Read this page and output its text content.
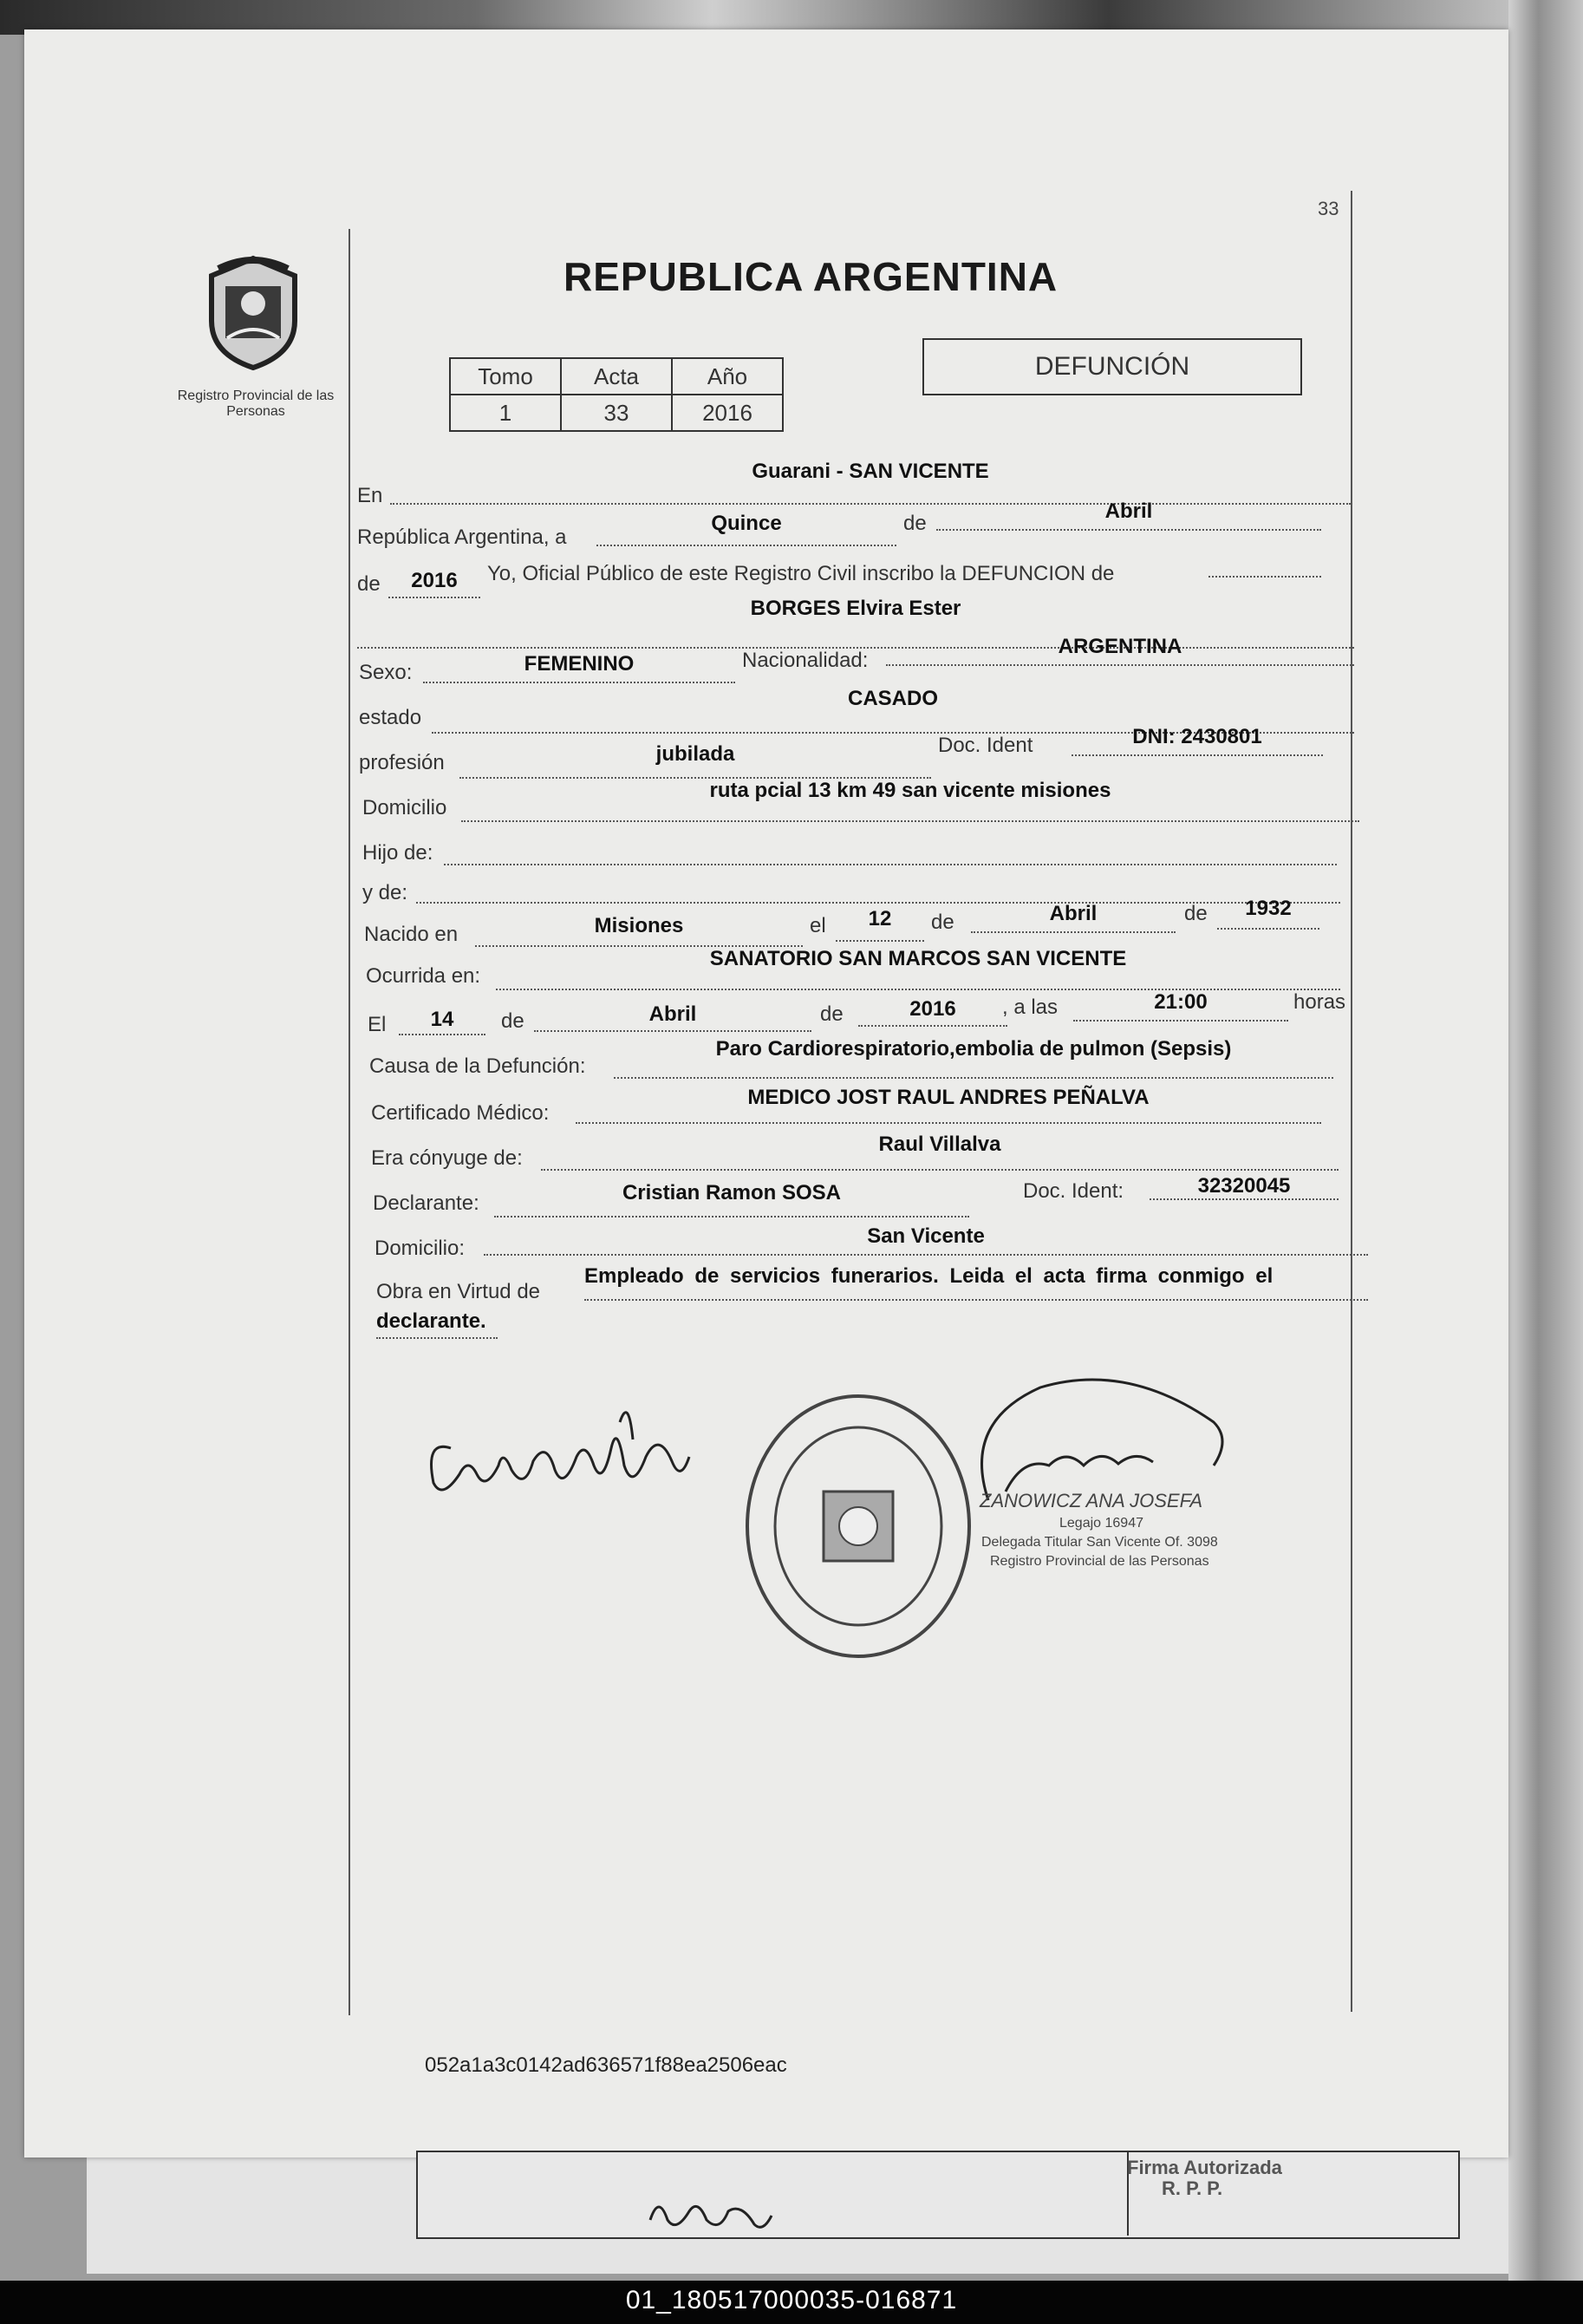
33
Registro Provincial de las Personas
REPUBLICA ARGENTINA
Tomo	Acta	Año
1	33	2016
DEFUNCIÓN
En
Guarani - SAN VICENTE
República Argentina, a
Quince	de
Abril
de	2016	Yo, Oficial Público de este Registro Civil inscribo la DEFUNCION de
BORGES Elvira Ester
Sexo:	FEMENINO	Nacionalidad:
ARGENTINA
estado
CASADO
profesión	jubilada	Doc. Ident	DNI: 2430801
Domicilio
ruta pcial 13 km 49 san vicente misiones
Hijo de:
y de:
Nacido en	Misiones	el	12	de	Abril	de	1932
Ocurrida en:
SANATORIO SAN MARCOS SAN VICENTE
El	14	de	Abril	de	2016	, a las	21:00	horas
Causa de la Defunción:
Paro Cardiorespiratorio,embolia de pulmon (Sepsis)
Certificado Médico:
MEDICO JOST RAUL ANDRES PEÑALVA
Era cónyuge de:
Raul Villalva
Declarante:	Cristian Ramon SOSA	Doc. Ident:	32320045
Domicilio:
San Vicente
Obra en Virtud de
Empleado de servicios funerarios. Leida el acta firma conmigo el
declarante.
ZANOWICZ ANA JOSEFA
Legajo 16947
Delegada Titular San Vicente Of. 3098
Registro Provincial de las Personas
052a1a3c0142ad636571f88ea2506eac
Firma Autorizada
R. P. P.
01_180517000035-016871
